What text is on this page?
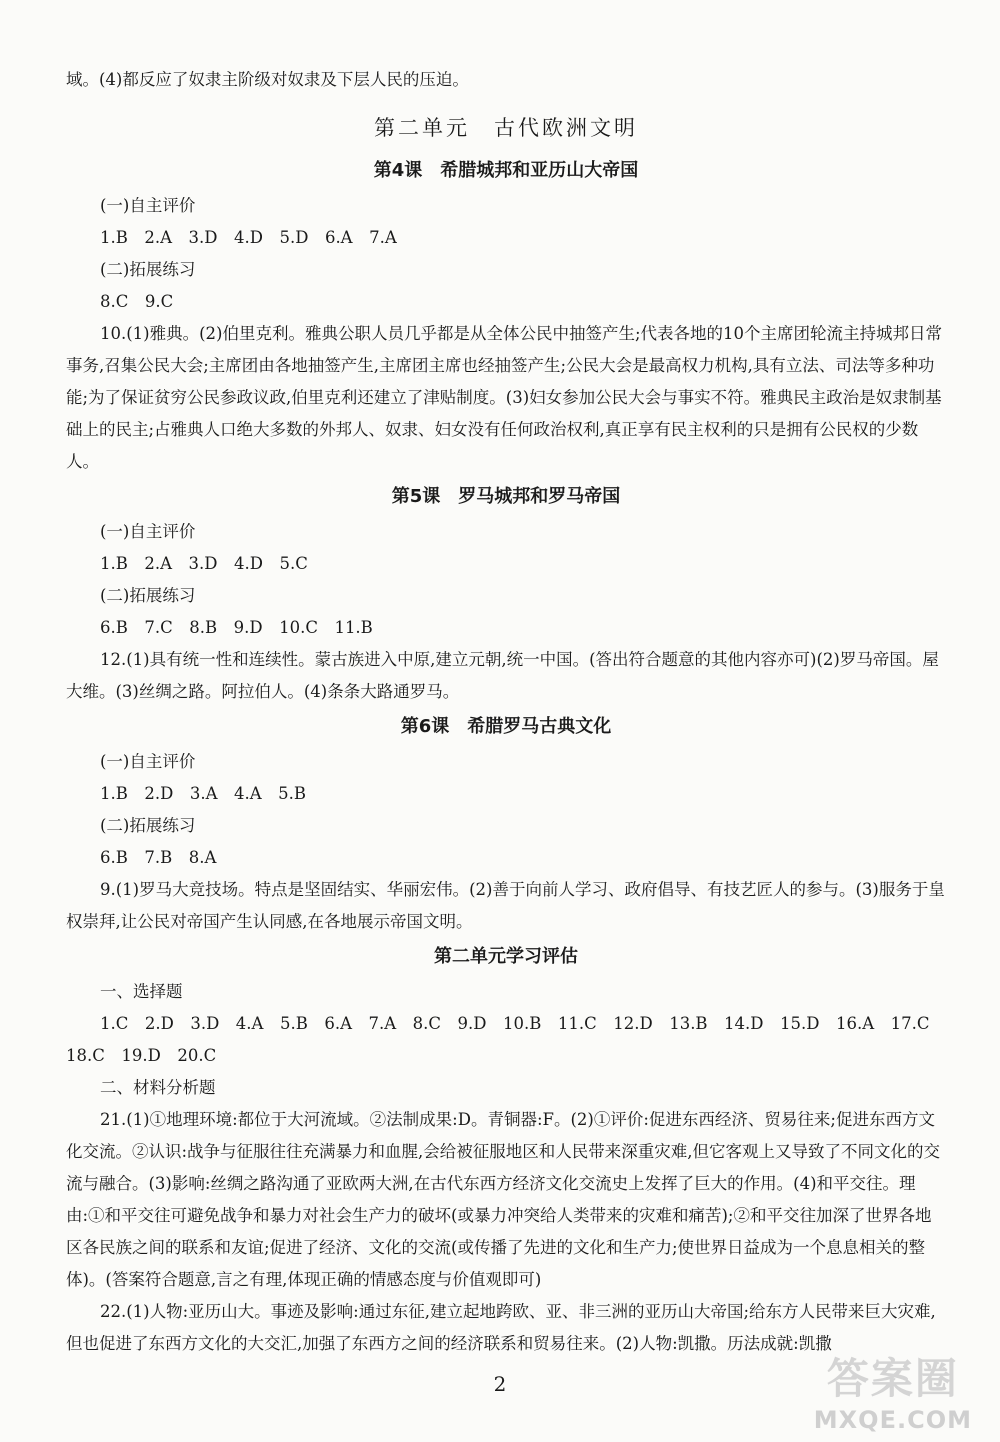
域。(4)都反应了奴隶主阶级对奴隶及下层人民的压迫。

第二单元　古代欧洲文明
第4课　希腊城邦和亚历山大帝国

(一)自主评价

1.B　2.A　3.D　4.D　5.D　6.A　7.A

(二)拓展练习

8.C　9.C

10.(1)雅典。(2)伯里克利。雅典公职人员几乎都是从全体公民中抽签产生;代表各地的10个主席团轮流主持城邦日常事务,召集公民大会;主席团由各地抽签产生,主席团主席也经抽签产生;公民大会是最高权力机构,具有立法、司法等多种功能;为了保证贫穷公民参政议政,伯里克利还建立了津贴制度。(3)妇女参加公民大会与事实不符。雅典民主政治是奴隶制基础上的民主;占雅典人口绝大多数的外邦人、奴隶、妇女没有任何政治权利,真正享有民主权利的只是拥有公民权的少数人。

第5课　罗马城邦和罗马帝国

(一)自主评价

1.B　2.A　3.D　4.D　5.C

(二)拓展练习

6.B　7.C　8.B　9.D　10.C　11.B

12.(1)具有统一性和连续性。蒙古族进入中原,建立元朝,统一中国。(答出符合题意的其他内容亦可)(2)罗马帝国。屋大维。(3)丝绸之路。阿拉伯人。(4)条条大路通罗马。

第6课　希腊罗马古典文化

(一)自主评价

1.B　2.D　3.A　4.A　5.B

(二)拓展练习

6.B　7.B　8.A

9.(1)罗马大竞技场。特点是坚固结实、华丽宏伟。(2)善于向前人学习、政府倡导、有技艺匠人的参与。(3)服务于皇权崇拜,让公民对帝国产生认同感,在各地展示帝国文明。

第二单元学习评估

一、选择题

1.C　2.D　3.D　4.A　5.B　6.A　7.A　8.C　9.D　10.B　11.C　12.D　13.B　14.D　15.D　16.A　17.C　18.C　19.D　20.C

二、材料分析题

21.(1)①地理环境:都位于大河流域。②法制成果:D。青铜器:F。(2)①评价:促进东西经济、贸易往来;促进东西方文化交流。②认识:战争与征服往往充满暴力和血腥,会给被征服地区和人民带来深重灾难,但它客观上又导致了不同文化的交流与融合。(3)影响:丝绸之路沟通了亚欧两大洲,在古代东西方经济文化交流史上发挥了巨大的作用。(4)和平交往。理由:①和平交往可避免战争和暴力对社会生产力的破坏(或暴力冲突给人类带来的灾难和痛苦);②和平交往加深了世界各地区各民族之间的联系和友谊;促进了经济、文化的交流(或传播了先进的文化和生产力;使世界日益成为一个息息相关的整体)。(答案符合题意,言之有理,体现正确的情感态度与价值观即可)

22.(1)人物:亚历山大。事迹及影响:通过东征,建立起地跨欧、亚、非三洲的亚历山大帝国;给东方人民带来巨大灾难,但也促进了东西方文化的大交汇,加强了东西方之间的经济联系和贸易往来。(2)人物:凯撒。历法成就:凯撒

2	答案圈
MXQE.COM
